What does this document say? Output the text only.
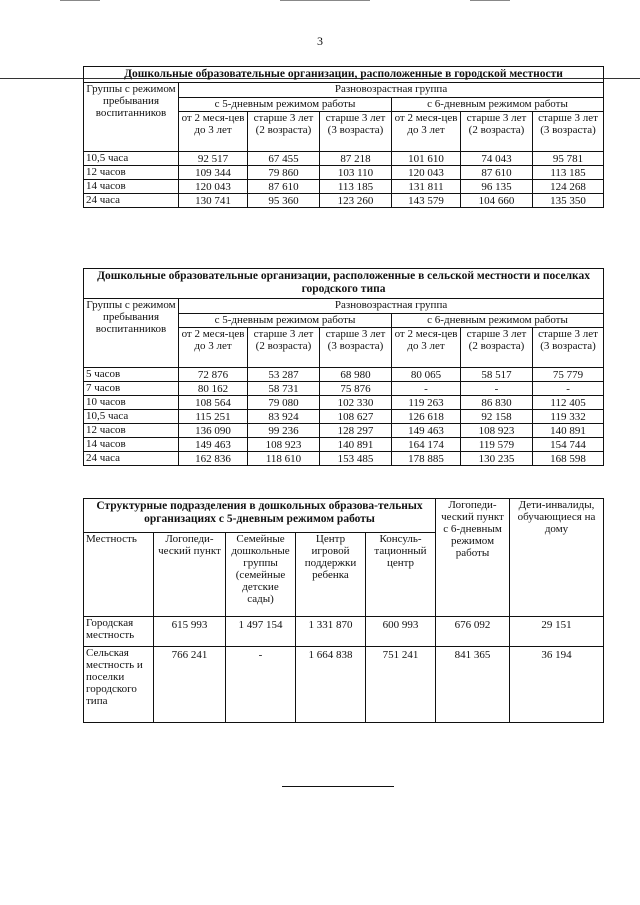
3
Дошкольные образовательные организации, расположенные в городской местности						
Группы с режимом пребывания воспитанников	Разновозрастная группа					
	с 5-дневным режимом работы			с 6-дневным режимом работы		
	от 2 меся-цев до 3 лет	старше 3 лет (2 возраста)	старше 3 лет (3 возраста)	от 2 меся-цев до 3 лет	старше 3 лет (2 возраста)	старше 3 лет (3 возраста)
10,5 часа	92 517	67 455	87 218	101 610	74 043	95 781
12 часов	109 344	79 860	103 110	120 043	87 610	113 185
14 часов	120 043	87 610	113 185	131 811	96 135	124 268
24 часа	130 741	95 360	123 260	143 579	104 660	135 350
Дошкольные образовательные организации, расположенные в сельской местности и поселках городского типа						
Группы с режимом пребывания воспитанников	Разновозрастная группа					
	с 5-дневным режимом работы			с 6-дневным режимом работы		
	от 2 меся-цев до 3 лет	старше 3 лет (2 возраста)	старше 3 лет (3 возраста)	от 2 меся-цев до 3 лет	старше 3 лет (2 возраста)	старше 3 лет (3 возраста)
5 часов	72 876	53 287	68 980	80 065	58 517	75 779
7 часов	80 162	58 731	75 876	-	-	-
10 часов	108 564	79 080	102 330	119 263	86 830	112 405
10,5 часа	115 251	83 924	108 627	126 618	92 158	119 332
12 часов	136 090	99 236	128 297	149 463	108 923	140 891
14 часов	149 463	108 923	140 891	164 174	119 579	154 744
24 часа	162 836	118 610	153 485	178 885	130 235	168 598
Структурные подразделения в дошкольных образова-тельных организациях с 5-дневным режимом работы					Логопеди-ческий пункт с 6-дневным режимом работы	Дети-инвалиды, обучающиеся на дому
Местность	Логопеди-ческий пункт	Семейные дошкольные группы (семейные детские сады)	Центр игровой поддержки ребенка	Консуль-тационный центр		
Городская местность	615 993	1 497 154	1 331 870	600 993	676 092	29 151
Сельская местность и поселки городского типа	766 241	-	1 664 838	751 241	841 365	36 194
